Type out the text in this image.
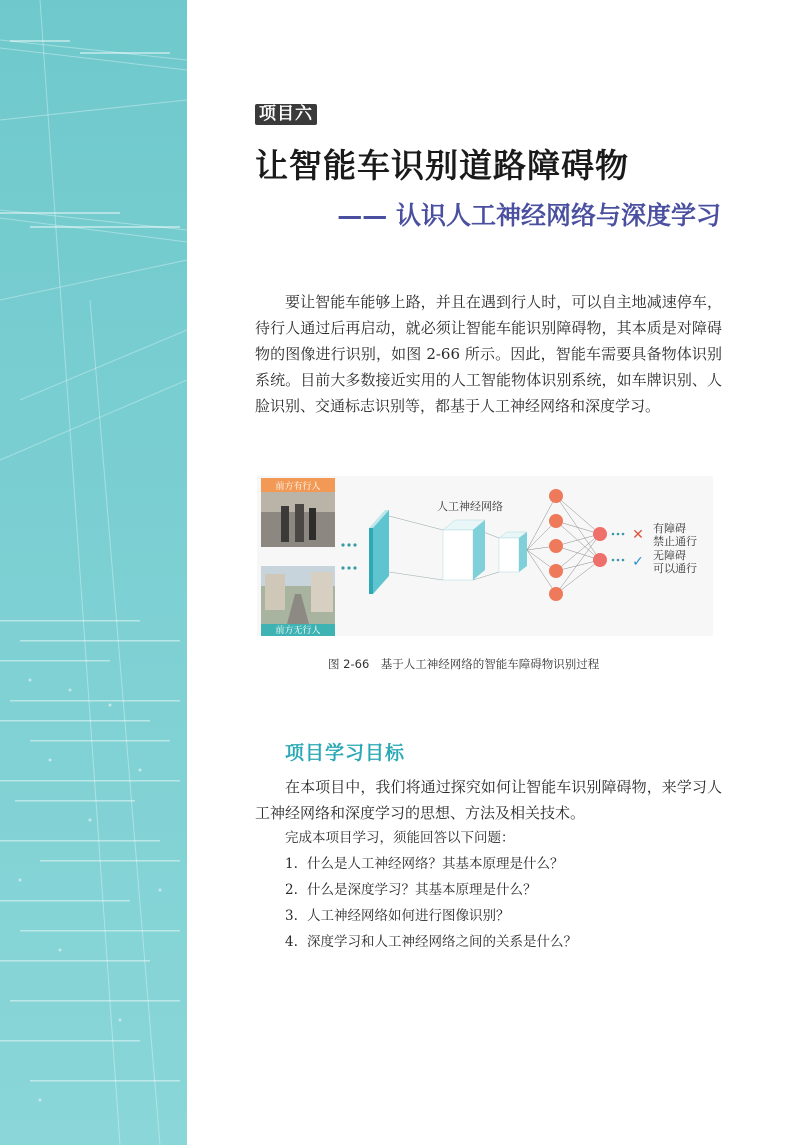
项目六
让智能车识别道路障碍物
—— 认识人工神经网络与深度学习

要让智能车能够上路，并且在遇到行人时，可以自主地减速停车，待行人通过后再启动，就必须让智能车能识别障碍物，其本质是对障碍物的图像进行识别，如图 2-66 所示。因此，智能车需要具备物体识别系统。目前大多数接近实用的人工智能物体识别系统，如车牌识别、人脸识别、交通标志识别等，都基于人工神经网络和深度学习。

前方有行人
前方无行人
人工神经网络
✕
✓
有障碍
禁止通行
无障碍
可以通行
图 2-66　基于人工神经网络的智能车障碍物识别过程
项目学习目标

在本项目中，我们将通过探究如何让智能车识别障碍物，来学习人工神经网络和深度学习的思想、方法及相关技术。

完成本项目学习，须能回答以下问题：
1. 什么是人工神经网络？其基本原理是什么？
2. 什么是深度学习？其基本原理是什么？
3. 人工神经网络如何进行图像识别？
4. 深度学习和人工神经网络之间的关系是什么？
